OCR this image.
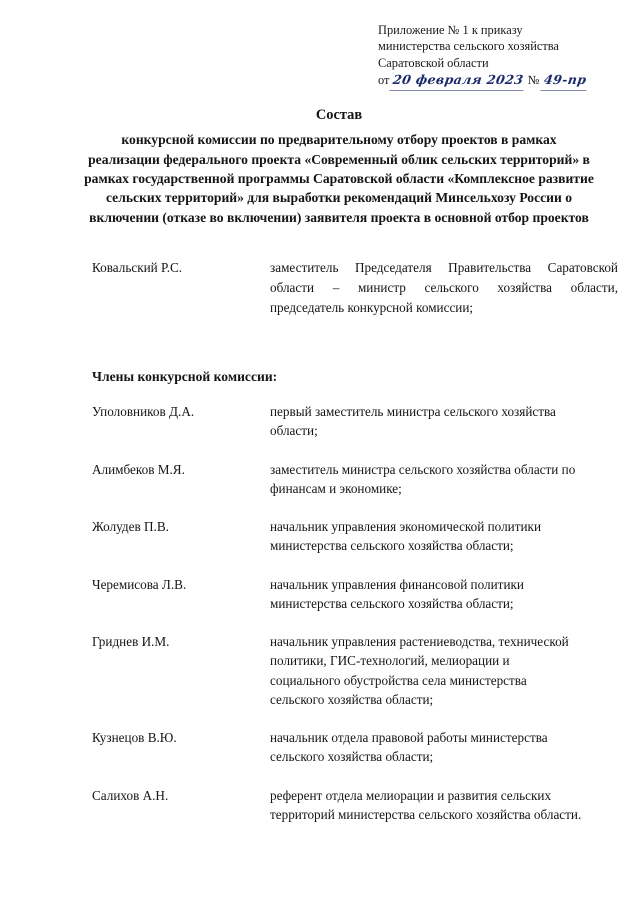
Приложение № 1 к приказу
министерства сельского хозяйства
Саратовской области
от 20 февраля 2023 № 49-пр
Состав
конкурсной комиссии по предварительному отбору проектов в рамках реализации федерального проекта «Современный облик сельских территорий» в рамках государственной программы Саратовской области «Комплексное развитие сельских территорий» для выработки рекомендаций Минсельхозу России о включении (отказе во включении) заявителя проекта в основной отбор проектов
Ковальский Р.С.	заместитель Председателя Правительства Саратовской области – министр сельского хозяйства области, председатель конкурсной комиссии;
Члены конкурсной комиссии:
Уполовников Д.А.	первый заместитель министра сельского хозяйства области;
Алимбеков М.Я.	заместитель министра сельского хозяйства области по финансам и экономике;
Жолудев П.В.	начальник управления экономической политики министерства сельского хозяйства области;
Черемисова Л.В.	начальник управления финансовой политики министерства сельского хозяйства области;
Гриднев И.М.	начальник управления растениеводства, технической политики, ГИС-технологий, мелиорации и социального обустройства села министерства сельского хозяйства области;
Кузнецов В.Ю.	начальник отдела правовой работы министерства сельского хозяйства области;
Салихов А.Н.	референт отдела мелиорации и развития сельских территорий министерства сельского хозяйства области.
